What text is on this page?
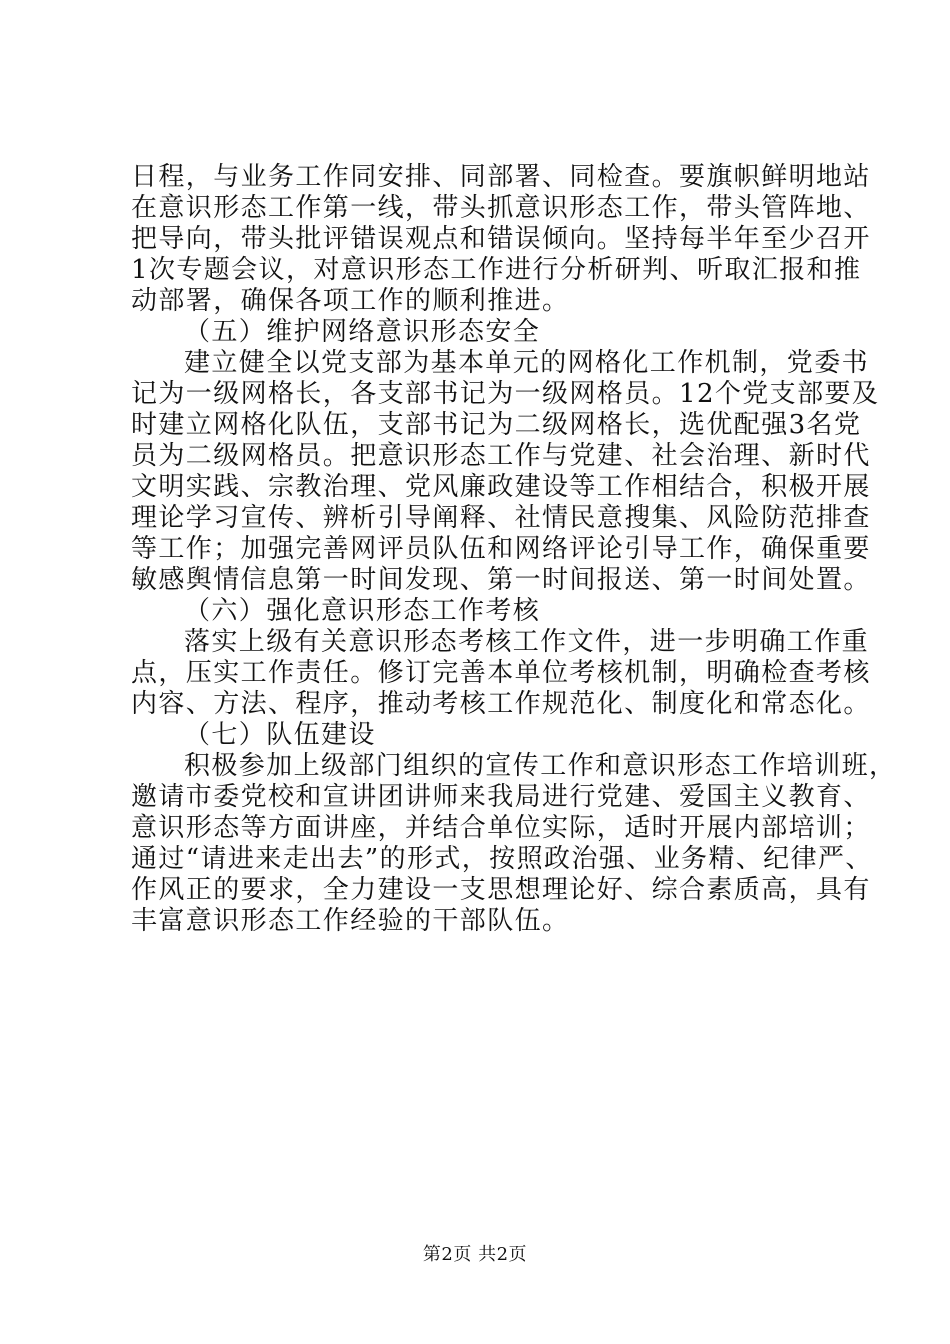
日程，与业务工作同安排、同部署、同检查。要旗帜鲜明地站
在意识形态工作第一线，带头抓意识形态工作，带头管阵地、
把导向，带头批评错误观点和错误倾向。坚持每半年至少召开
1次专题会议，对意识形态工作进行分析研判、听取汇报和推
动部署，确保各项工作的顺利推进。
（五）维护网络意识形态安全
建立健全以党支部为基本单元的网格化工作机制，党委书
记为一级网格长，各支部书记为一级网格员。12个党支部要及
时建立网格化队伍，支部书记为二级网格长，选优配强3名党
员为二级网格员。把意识形态工作与党建、社会治理、新时代
文明实践、宗教治理、党风廉政建设等工作相结合，积极开展
理论学习宣传、辨析引导阐释、社情民意搜集、风险防范排查
等工作；加强完善网评员队伍和网络评论引导工作，确保重要
敏感舆情信息第一时间发现、第一时间报送、第一时间处置。
（六）强化意识形态工作考核
落实上级有关意识形态考核工作文件，进一步明确工作重
点，压实工作责任。修订完善本单位考核机制，明确检查考核
内容、方法、程序，推动考核工作规范化、制度化和常态化。
（七）队伍建设
积极参加上级部门组织的宣传工作和意识形态工作培训班，
邀请市委党校和宣讲团讲师来我局进行党建、爱国主义教育、
意识形态等方面讲座，并结合单位实际，适时开展内部培训；
通过“请进来走出去”的形式，按照政治强、业务精、纪律严、
作风正的要求，全力建设一支思想理论好、综合素质高，具有
丰富意识形态工作经验的干部队伍。
第2页 共2页
